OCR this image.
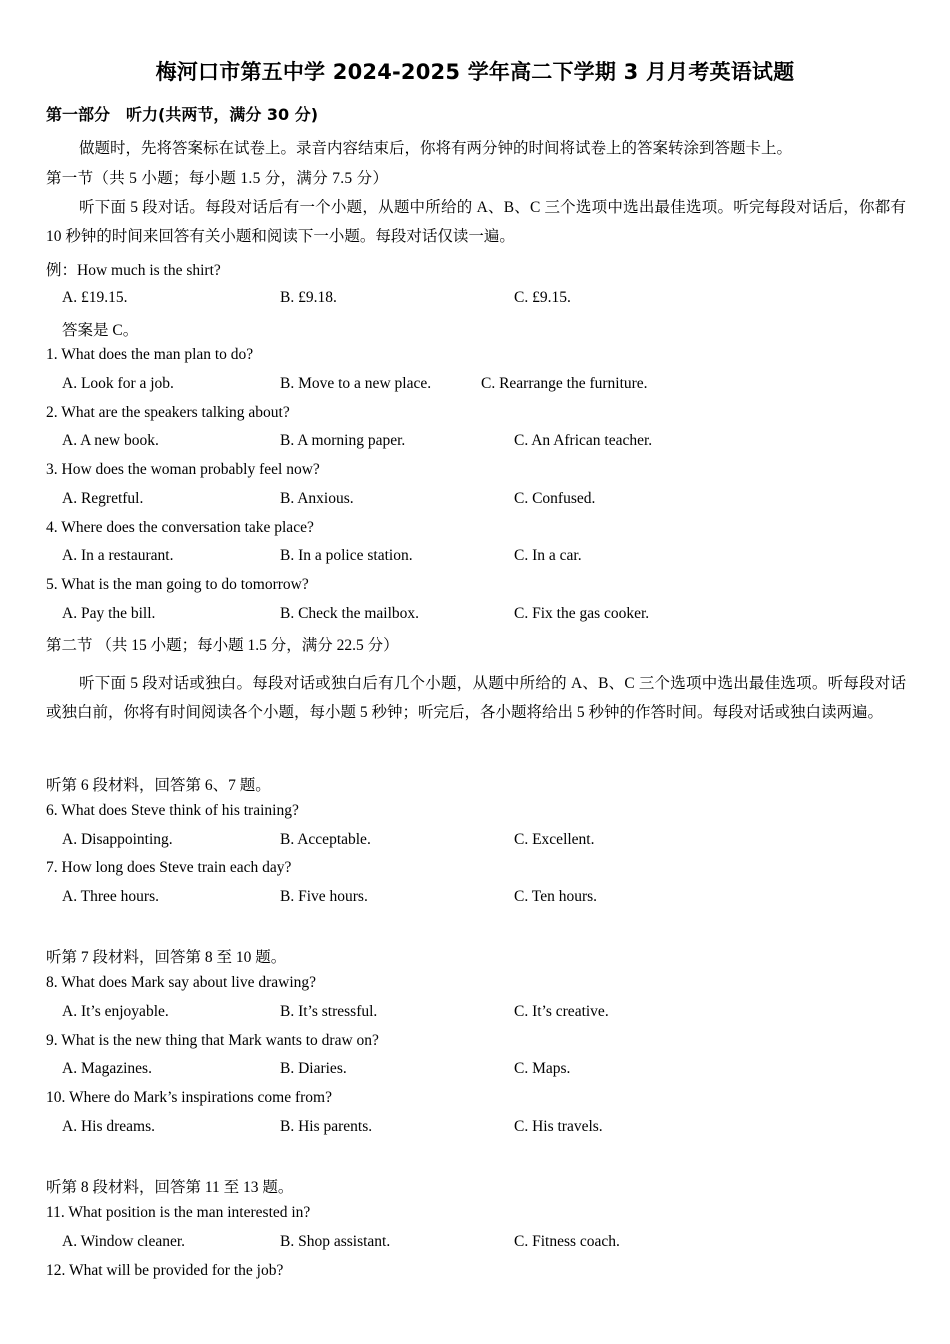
梅河口市第五中学 2024-2025 学年高二下学期 3 月月考英语试题
第一部分　听力(共两节，满分 30 分)
做题时，先将答案标在试卷上。录音内容结束后，你将有两分钟的时间将试卷上的答案转涂到答题卡上。
第一节（共 5 小题；每小题 1.5 分，满分 7.5 分）
听下面 5 段对话。每段对话后有一个小题，从题中所给的 A、B、C 三个选项中选出最佳选项。听完每段对话后，你都有 10 秒钟的时间来回答有关小题和阅读下一小题。每段对话仅读一遍。
例：How much is the shirt?
A. £19.15.	B. £9.18.	C. £9.15.
答案是 C。
1. What does the man plan to do?
A. Look for a job.	B. Move to a new place.	C. Rearrange the furniture.
2. What are the speakers talking about?
A. A new book.	B. A morning paper.	C. An African teacher.
3. How does the woman probably feel now?
A. Regretful.	B. Anxious.	C. Confused.
4. Where does the conversation take place?
A. In a restaurant.	B. In a police station.	C. In a car.
5. What is the man going to do tomorrow?
A. Pay the bill.	B. Check the mailbox.	C. Fix the gas cooker.
第二节 （共 15 小题；每小题 1.5 分，满分 22.5 分）
听下面 5 段对话或独白。每段对话或独白后有几个小题，从题中所给的 A、B、C 三个选项中选出最佳选项。听每段对话或独白前，你将有时间阅读各个小题，每小题 5 秒钟；听完后，各小题将给出 5 秒钟的作答时间。每段对话或独白读两遍。
听第 6 段材料，回答第 6、7 题。
6. What does Steve think of his training?
A. Disappointing.	B. Acceptable.	C. Excellent.
7. How long does Steve train each day?
A. Three hours.	B. Five hours.	C. Ten hours.
听第 7 段材料，回答第 8 至 10 题。
8. What does Mark say about live drawing?
A. It’s enjoyable.	B. It’s stressful.	C. It’s creative.
9. What is the new thing that Mark wants to draw on?
A. Magazines.	B. Diaries.	C. Maps.
10. Where do Mark’s inspirations come from?
A. His dreams.	B. His parents.	C. His travels.
听第 8 段材料，回答第 11 至 13 题。
11. What position is the man interested in?
A. Window cleaner.	B. Shop assistant.	C. Fitness coach.
12. What will be provided for the job?
